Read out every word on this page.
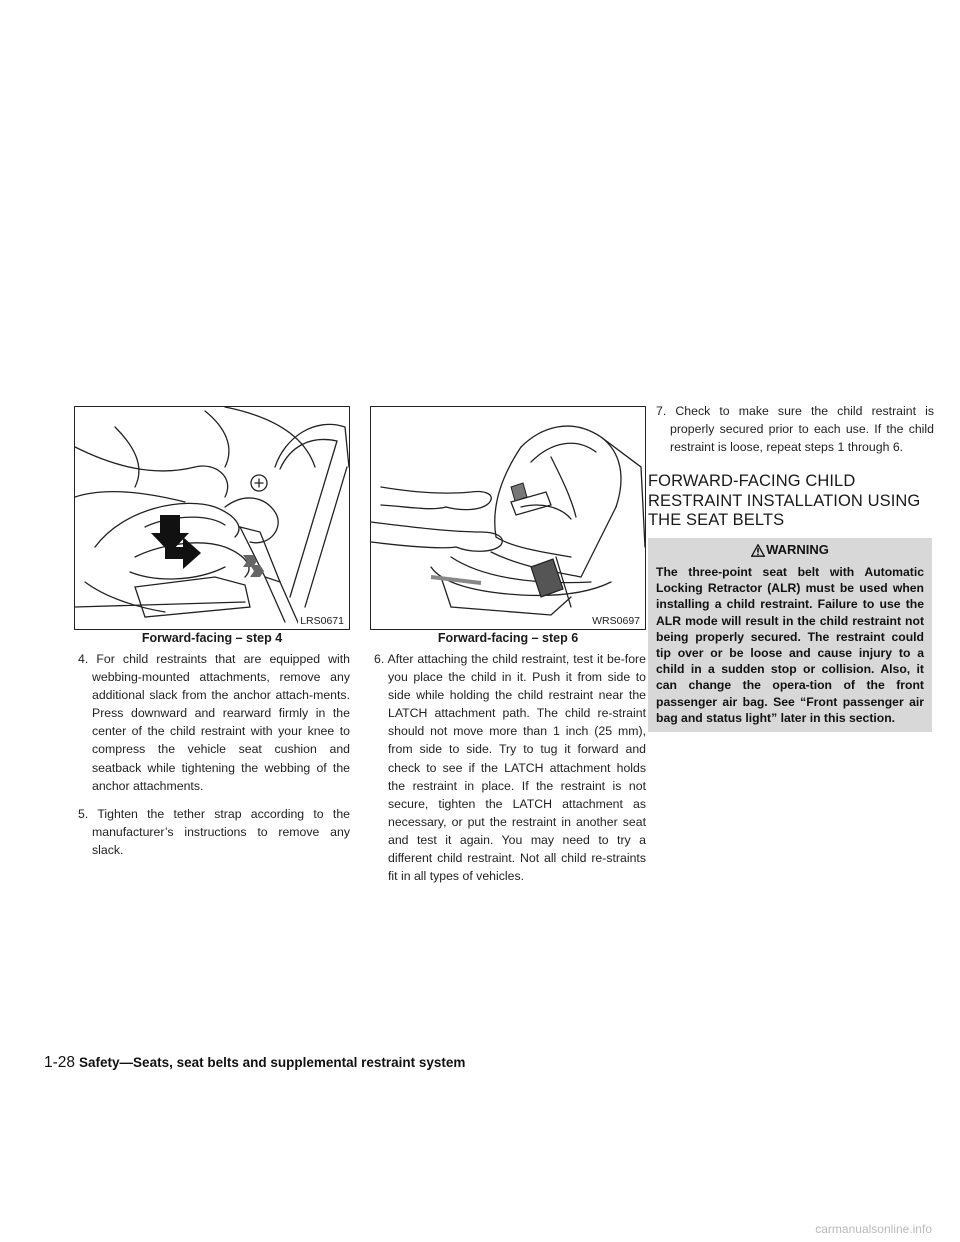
LRS0671
Forward-facing – step 4
WRS0697
Forward-facing – step 6
4. For child restraints that are equipped with webbing-mounted attachments, remove any additional slack from the anchor attach-ments. Press downward and rearward firmly in the center of the child restraint with your knee to compress the vehicle seat cushion and seatback while tightening the webbing of the anchor attachments.
5. Tighten the tether strap according to the manufacturer’s instructions to remove any slack.
6. After attaching the child restraint, test it be-fore you place the child in it. Push it from side to side while holding the child restraint near the LATCH attachment path. The child re-straint should not move more than 1 inch (25 mm), from side to side. Try to tug it forward and check to see if the LATCH attachment holds the restraint in place. If the restraint is not secure, tighten the LATCH attachment as necessary, or put the restraint in another seat and test it again. You may need to try a different child restraint. Not all child re-straints fit in all types of vehicles.
7. Check to make sure the child restraint is properly secured prior to each use. If the child restraint is loose, repeat steps 1 through 6.
FORWARD-FACING CHILD RESTRAINT INSTALLATION USING THE SEAT BELTS
WARNING
The three-point seat belt with Automatic Locking Retractor (ALR) must be used when installing a child restraint. Failure to use the ALR mode will result in the child restraint not being properly secured. The restraint could tip over or be loose and cause injury to a child in a sudden stop or collision. Also, it can change the opera-tion of the front passenger air bag. See “Front passenger air bag and status light” later in this section.
1-28 Safety—Seats, seat belts and supplemental restraint system
carmanualsonline.info
